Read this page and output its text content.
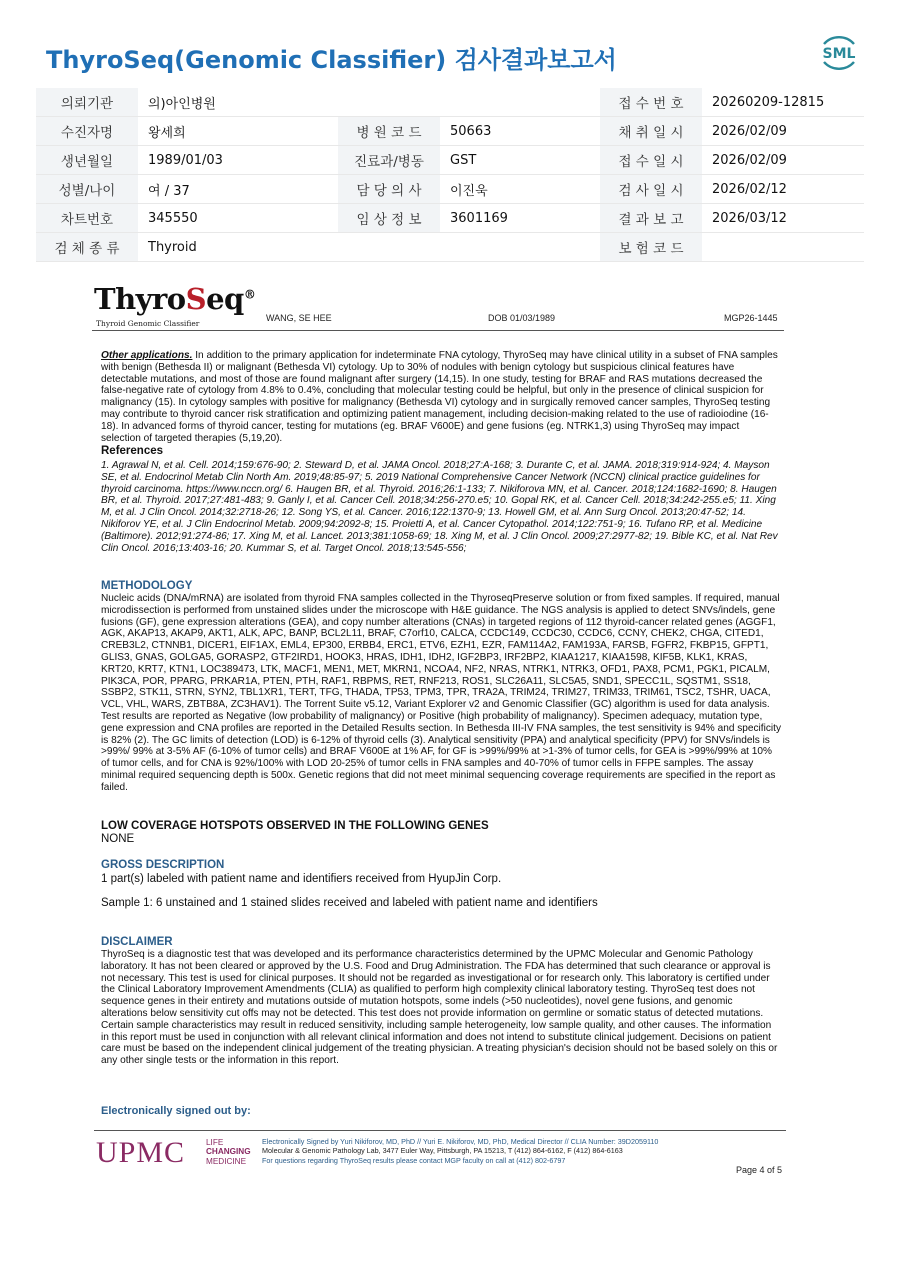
ThyroSeq(Genomic Classifier) 검사결과보고서	SML
의뢰기관	의)아인병원			접 수 번 호	20260209-12815
수진자명	왕세희	병 원 코 드	50663	채 취 일 시	2026/02/09
생년월일	1989/01/03	진료과/병동	GST	접 수 일 시	2026/02/09
성별/나이	여 / 37	담 당 의 사	이진욱	검 사 일 시	2026/02/12
차트번호	345550	임 상 정 보	3601169	결 과 보 고	2026/03/12
검 체 종 류	Thyroid			보 험 코 드	
ThyroSeq®
Thyroid Genomic Classifier
WANG, SE HEE	DOB 01/03/1989	MGP26-1445

Other applications. In addition to the primary application for indeterminate FNA cytology, ThyroSeq may have clinical utility in a subset of FNA samples with benign (Bethesda II) or malignant (Bethesda VI) cytology. Up to 30% of nodules with benign cytology but suspicious clinical features have detectable mutations, and most of those are found malignant after surgery (14,15). In one study, testing for BRAF and RAS mutations decreased the false-negative rate of cytology from 4.8% to 0.4%, concluding that molecular testing could be helpful, but only in the presence of clinical suspicion for malignancy (15). In cytology samples with positive for malignancy (Bethesda VI) cytology and in surgically removed cancer samples, ThyroSeq testing may contribute to thyroid cancer risk stratification and optimizing patient management, including decision-making related to the use of radioiodine (16-18). In advanced forms of thyroid cancer, testing for mutations (eg. BRAF V600E) and gene fusions (eg. NTRK1,3) using ThyroSeq may impact selection of targeted therapies (5,19,20).

References

1. Agrawal N, et al. Cell. 2014;159:676-90; 2. Steward D, et al. JAMA Oncol. 2018;27:A-168; 3. Durante C, et al. JAMA. 2018;319:914-924; 4. Mayson SE, et al. Endocrinol Metab Clin North Am. 2019;48:85-97; 5. 2019 National Comprehensive Cancer Network (NCCN) clinical practice guidelines for thyroid carcinoma. https://www.nccn.org/ 6. Haugen BR, et al. Thyroid. 2016;26:1-133; 7. Nikiforova MN, et al. Cancer. 2018;124:1682-1690; 8. Haugen BR, et al. Thyroid. 2017;27:481-483; 9. Ganly I, et al. Cancer Cell. 2018;34:256-270.e5; 10. Gopal RK, et al. Cancer Cell. 2018;34:242-255.e5; 11. Xing M, et al. J Clin Oncol. 2014;32:2718-26; 12. Song YS, et al. Cancer. 2016;122:1370-9; 13. Howell GM, et al. Ann Surg Oncol. 2013;20:47-52; 14. Nikiforov YE, et al. J Clin Endocrinol Metab. 2009;94:2092-8; 15. Proietti A, et al. Cancer Cytopathol. 2014;122:751-9; 16. Tufano RP, et al. Medicine (Baltimore). 2012;91:274-86; 17. Xing M, et al. Lancet. 2013;381:1058-69; 18. Xing M, et al. J Clin Oncol. 2009;27:2977-82; 19. Bible KC, et al. Nat Rev Clin Oncol. 2016;13:403-16; 20. Kummar S, et al. Target Oncol. 2018;13:545-556;

METHODOLOGY

Nucleic acids (DNA/mRNA) are isolated from thyroid FNA samples collected in the ThyroseqPreserve solution or from fixed samples. If required, manual microdissection is performed from unstained slides under the microscope with H&E guidance. The NGS analysis is applied to detect SNVs/indels, gene fusions (GF), gene expression alterations (GEA), and copy number alterations (CNAs) in targeted regions of 112 thyroid-cancer related genes (AGGF1, AGK, AKAP13, AKAP9, AKT1, ALK, APC, BANP, BCL2L11, BRAF, C7orf10, CALCA, CCDC149, CCDC30, CCDC6, CCNY, CHEK2, CHGA, CITED1, CREB3L2, CTNNB1, DICER1, EIF1AX, EML4, EP300, ERBB4, ERC1, ETV6, EZH1, EZR, FAM114A2, FAM193A, FARSB, FGFR2, FKBP15, GFPT1, GLIS3, GNAS, GOLGA5, GORASP2, GTF2IRD1, HOOK3, HRAS, IDH1, IDH2, IGF2BP3, IRF2BP2, KIAA1217, KIAA1598, KIF5B, KLK1, KRAS, KRT20, KRT7, KTN1, LOC389473, LTK, MACF1, MEN1, MET, MKRN1, NCOA4, NF2, NRAS, NTRK1, NTRK3, OFD1, PAX8, PCM1, PGK1, PICALM, PIK3CA, POR, PPARG, PRKAR1A, PTEN, PTH, RAF1, RBPMS, RET, RNF213, ROS1, SLC26A11, SLC5A5, SND1, SPECC1L, SQSTM1, SS18, SSBP2, STK11, STRN, SYN2, TBL1XR1, TERT, TFG, THADA, TP53, TPM3, TPR, TRA2A, TRIM24, TRIM27, TRIM33, TRIM61, TSC2, TSHR, UACA, VCL, VHL, WARS, ZBTB8A, ZC3HAV1). The Torrent Suite v5.12, Variant Explorer v2 and Genomic Classifier (GC) algorithm is used for data analysis. Test results are reported as Negative (low probability of malignancy) or Positive (high probability of malignancy). Specimen adequacy, mutation type, gene expression and CNA profiles are reported in the Detailed Results section. In Bethesda III-IV FNA samples, the test sensitivity is 94% and specificity is 82% (2). The GC limits of detection (LOD) is 6-12% of thyroid cells (3). Analytical sensitivity (PPA) and analytical specificity (PPV) for SNVs/indels is >99%/ 99% at 3-5% AF (6-10% of tumor cells) and BRAF V600E at 1% AF, for GF is >99%/99% at >1-3% of tumor cells, for GEA is >99%/99% at 10% of tumor cells, and for CNA is 92%/100% with LOD 20-25% of tumor cells in FNA samples and 40-70% of tumor cells in FFPE samples. The assay minimal required sequencing depth is 500x. Genetic regions that did not meet minimal sequencing coverage requirements are specified in the report as failed.

LOW COVERAGE HOTSPOTS OBSERVED IN THE FOLLOWING GENES

NONE

GROSS DESCRIPTION

1 part(s) labeled with patient name and identifiers received from HyupJin Corp.

Sample 1: 6 unstained and 1 stained slides received and labeled with patient name and identifiers

DISCLAIMER

ThyroSeq is a diagnostic test that was developed and its performance characteristics determined by the UPMC Molecular and Genomic Pathology laboratory. It has not been cleared or approved by the U.S. Food and Drug Administration. The FDA has determined that such clearance or approval is not necessary. This test is used for clinical purposes. It should not be regarded as investigational or for research only. This laboratory is certified under the Clinical Laboratory Improvement Amendments (CLIA) as qualified to perform high complexity clinical laboratory testing. ThyroSeq test does not sequence genes in their entirety and mutations outside of mutation hotspots, some indels (>50 nucleotides), novel gene fusions, and genomic alterations below sensitivity cut offs may not be detected. This test does not provide information on germline or somatic status of detected mutations. Certain sample characteristics may result in reduced sensitivity, including sample heterogeneity, low sample quality, and other causes. The information in this report must be used in conjunction with all relevant clinical information and does not intend to substitute clinical judgement. Decisions on patient care must be based on the independent clinical judgement of the treating physician. A treating physician's decision should not be based solely on this or any other single tests or the information in this report.

Electronically signed out by:

UPMC	LIFE
CHANGING
MEDICINE
Electronically Signed by Yuri Nikiforov, MD, PhD // Yuri E. Nikiforov, MD, PhD, Medical Director // CLIA Number: 39D2059110
Molecular & Genomic Pathology Lab, 3477 Euler Way, Pittsburgh, PA 15213, T (412) 864-6162, F (412) 864-6163
For questions regarding ThyroSeq results please contact MGP faculty on call at (412) 802-6797
Page 4 of 5
